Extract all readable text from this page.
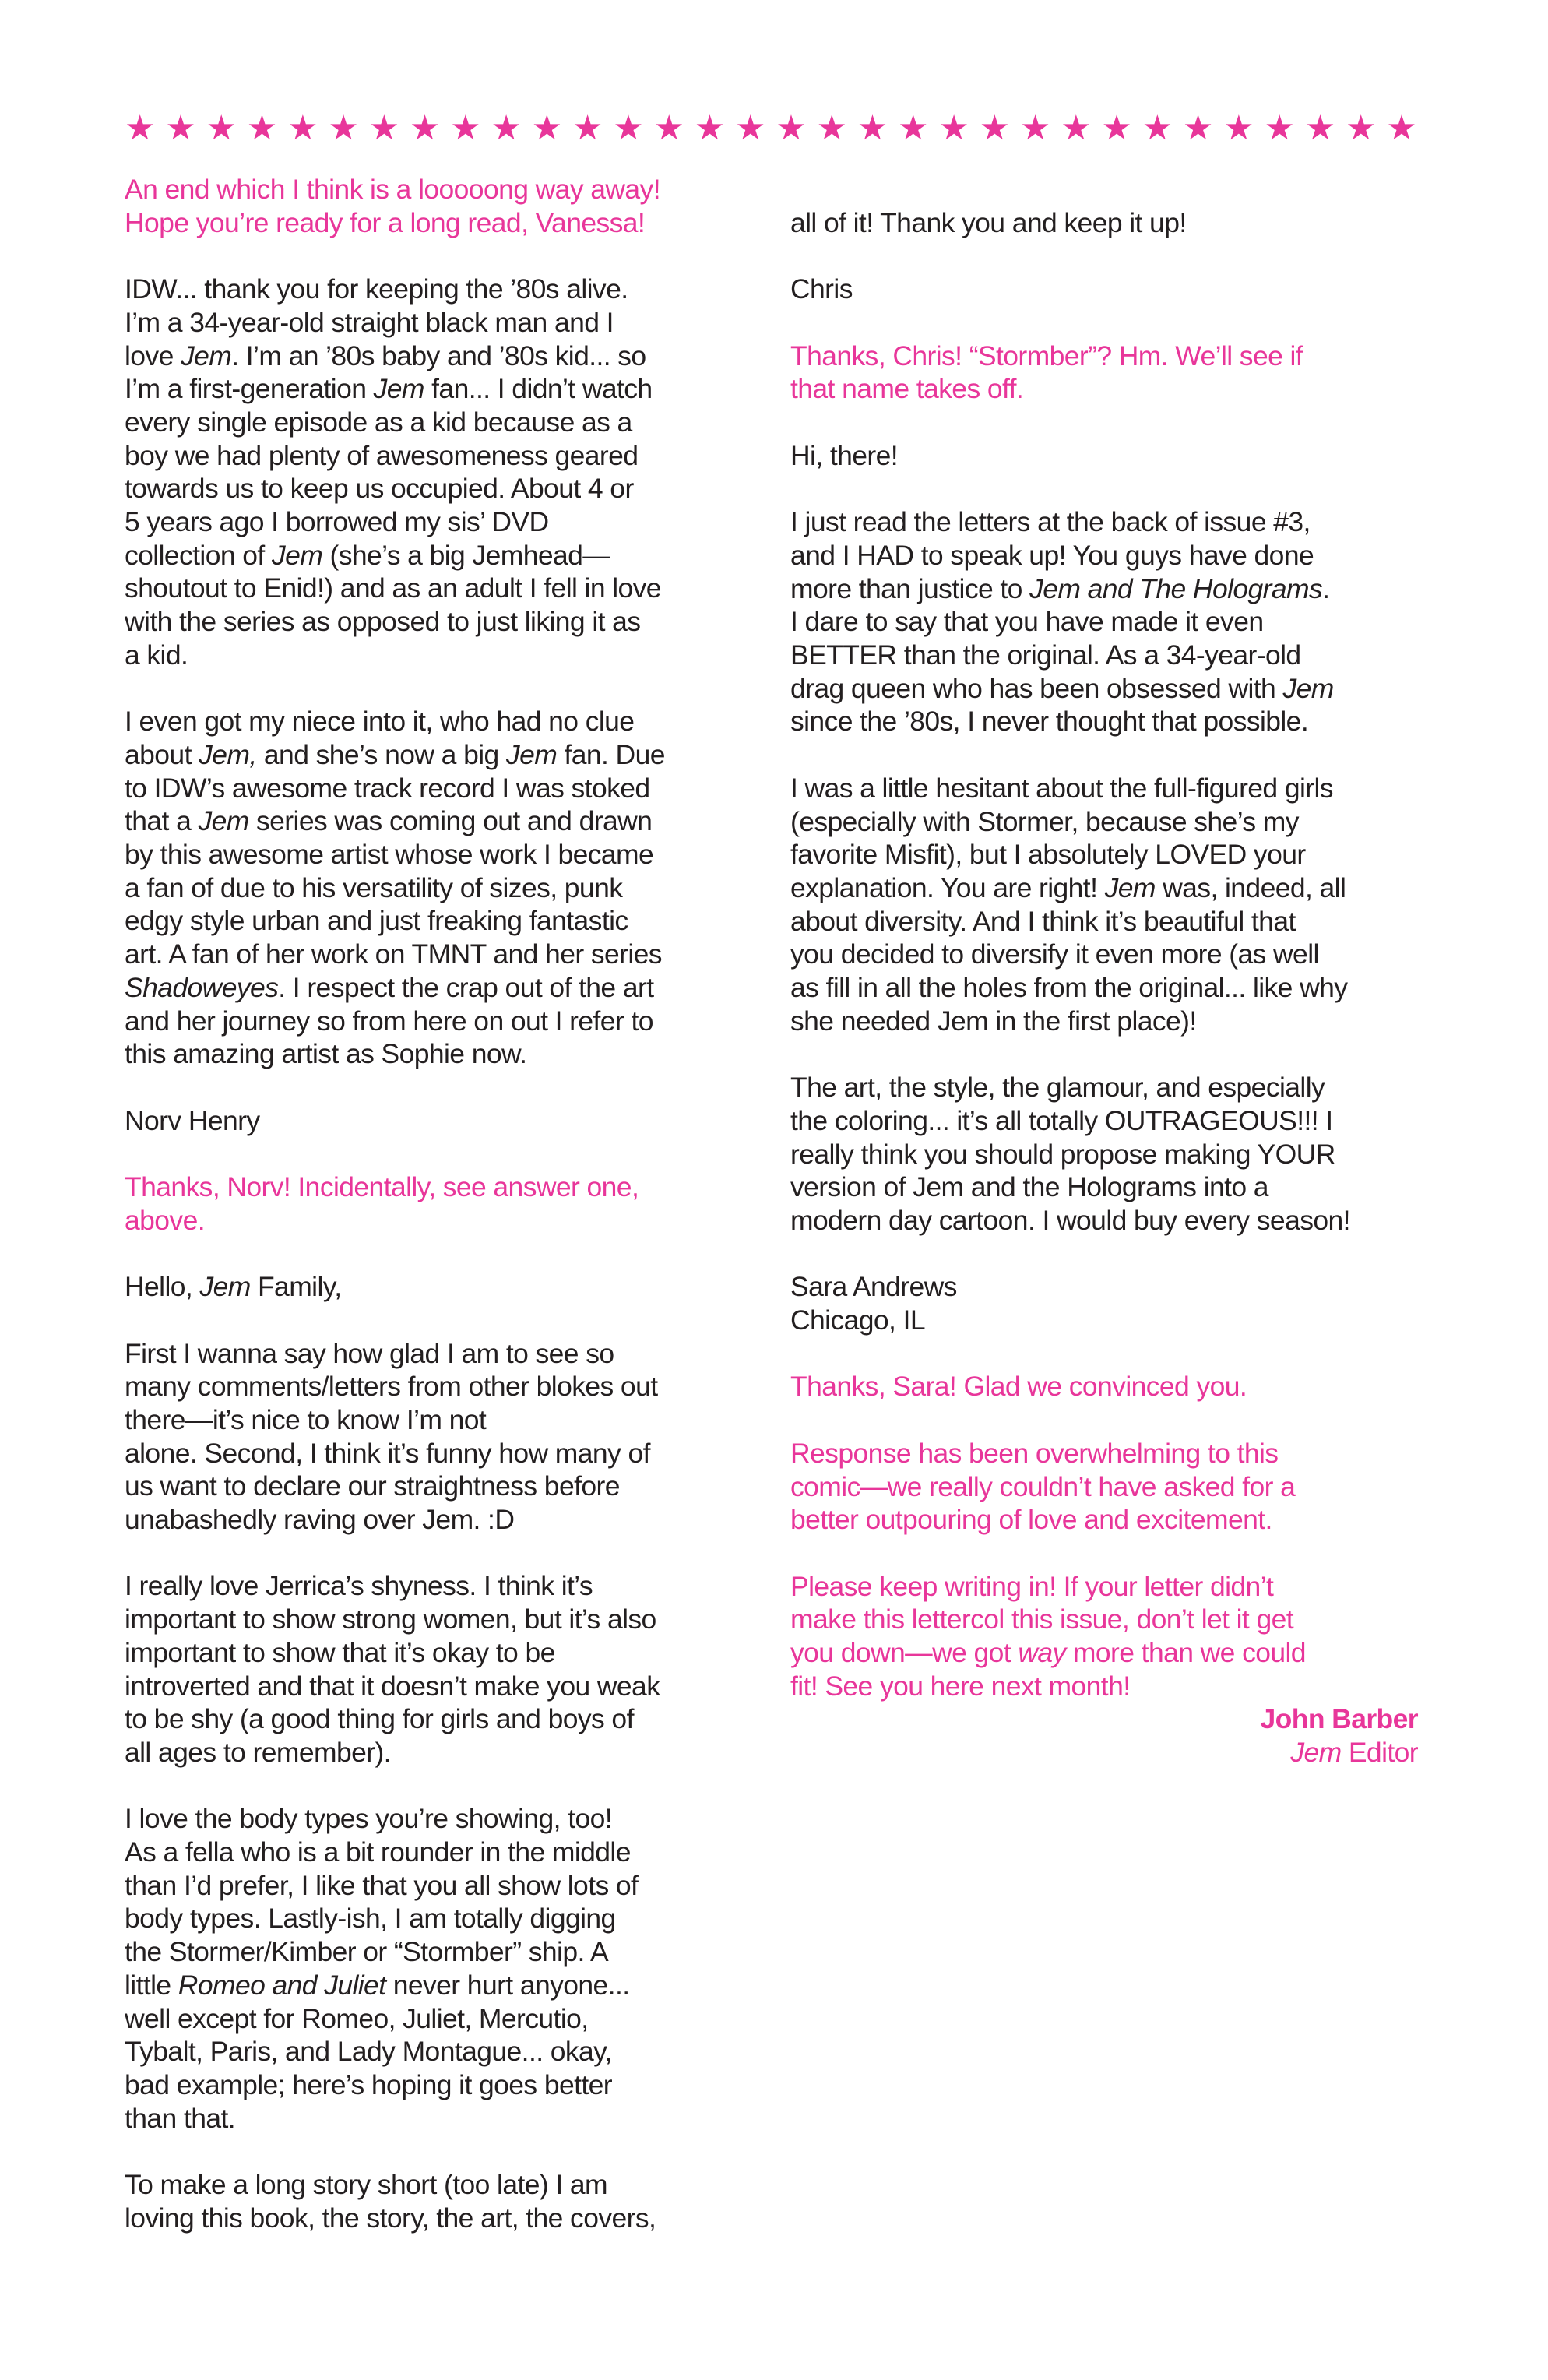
★ ★ ★ ★ ★ ★ ★ ★ ★ ★ ★ ★ ★ ★ ★ ★ ★ ★ ★ ★ ★ ★ ★ ★ ★ ★ ★ ★ ★ ★ ★ ★
An end which I think is a looooong way away!
Hope you’re ready for a long read, Vanessa!
IDW... thank you for keeping the ’80s alive.
I’m a 34-year-old straight black man and I
love Jem. I’m an ’80s baby and ’80s kid... so
I’m a first-generation Jem fan... I didn’t watch
every single episode as a kid because as a
boy we had plenty of awesomeness geared
towards us to keep us occupied. About 4 or
5 years ago I borrowed my sis’ DVD
collection of Jem (she’s a big Jemhead—
shoutout to Enid!) and as an adult I fell in love
with the series as opposed to just liking it as
a kid.
I even got my niece into it, who had no clue
about Jem, and she’s now a big Jem fan. Due
to IDW’s awesome track record I was stoked
that a Jem series was coming out and drawn
by this awesome artist whose work I became
a fan of due to his versatility of sizes, punk
edgy style urban and just freaking fantastic
art. A fan of her work on TMNT and her series
Shadoweyes. I respect the crap out of the art
and her journey so from here on out I refer to
this amazing artist as Sophie now.
Norv Henry
Thanks, Norv! Incidentally, see answer one,
above.
Hello, Jem Family,
First I wanna say how glad I am to see so
many comments/letters from other blokes out
there—it’s nice to know I’m not
alone. Second, I think it’s funny how many of
us want to declare our straightness before
unabashedly raving over Jem. :D
I really love Jerrica’s shyness. I think it’s
important to show strong women, but it’s also
important to show that it’s okay to be
introverted and that it doesn’t make you weak
to be shy (a good thing for girls and boys of
all ages to remember).
I love the body types you’re showing, too!
As a fella who is a bit rounder in the middle
than I’d prefer, I like that you all show lots of
body types. Lastly-ish, I am totally digging
the Stormer/Kimber or “Stormber” ship. A
little Romeo and Juliet never hurt anyone...
well except for Romeo, Juliet, Mercutio,
Tybalt, Paris, and Lady Montague... okay,
bad example; here’s hoping it goes better
than that.
To make a long story short (too late) I am
loving this book, the story, the art, the covers,
all of it! Thank you and keep it up!
Chris
Thanks, Chris! “Stormber”? Hm. We’ll see if
that name takes off.
Hi, there!
I just read the letters at the back of issue #3,
and I HAD to speak up! You guys have done
more than justice to Jem and The Holograms.
I dare to say that you have made it even
BETTER than the original. As a 34-year-old
drag queen who has been obsessed with Jem
since the ’80s, I never thought that possible.
I was a little hesitant about the full-figured girls
(especially with Stormer, because she’s my
favorite Misfit), but I absolutely LOVED your
explanation. You are right! Jem was, indeed, all
about diversity. And I think it’s beautiful that
you decided to diversify it even more (as well
as fill in all the holes from the original... like why
she needed Jem in the first place)!
The art, the style, the glamour, and especially
the coloring... it’s all totally OUTRAGEOUS!!! I
really think you should propose making YOUR
version of Jem and the Holograms into a
modern day cartoon. I would buy every season!
Sara Andrews
Chicago, IL
Thanks, Sara! Glad we convinced you.
Response has been overwhelming to this
comic—we really couldn’t have asked for a
better outpouring of love and excitement.
Please keep writing in! If your letter didn’t
make this lettercol this issue, don’t let it get
you down—we got way more than we could
fit! See you here next month!
John Barber
Jem Editor
